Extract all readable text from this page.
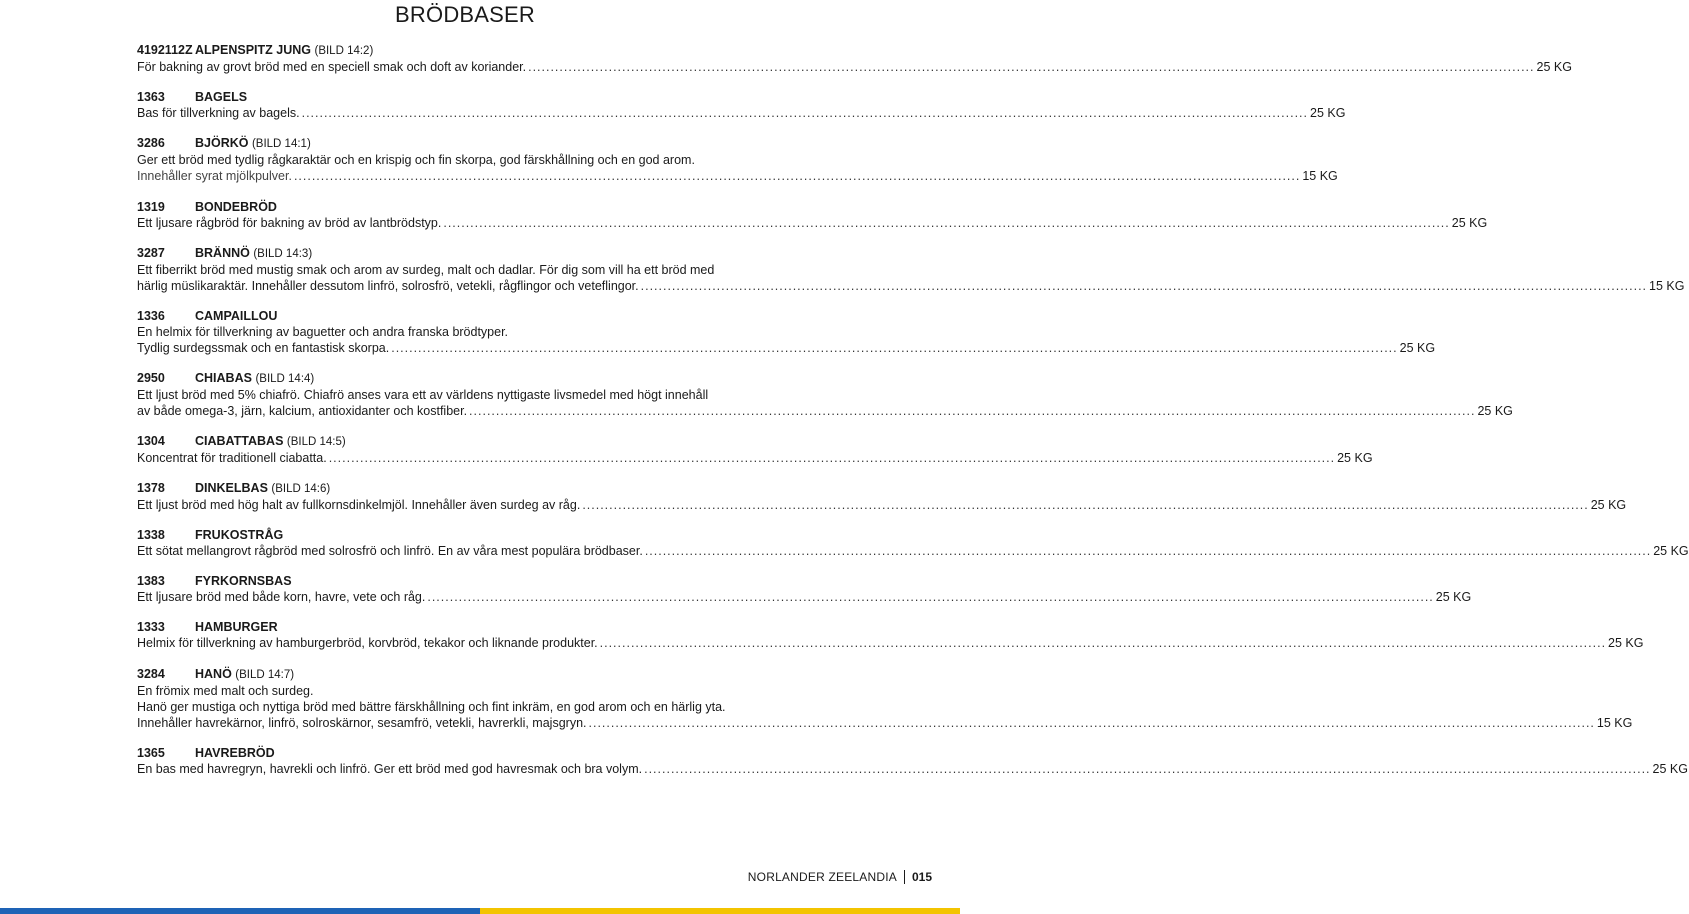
BRÖDBASER
4192112Z ALPENSPITZ JUNG (BILD 14:2)
För bakning av grovt bröd med en speciell smak och doft av koriander. ................................................................................................................................................................................................................................. 25 KG
1363	BAGELS
Bas för tillverkning av bagels. ................................................................................................................................................................................................................................. 25 KG
3286	BJÖRKÖ (BILD 14:1)
Ger ett bröd med tydlig rågkaraktär och en krispig och fin skorpa, god färskhållning och en god arom.
Innehåller syrat mjölkpulver. ................................................................................................................................................................................................................................. 15 KG
1319	BONDEBRÖD
Ett ljusare rågbröd för bakning av bröd av lantbrödstyp. ................................................................................................................................................................................................................................. 25 KG
3287	BRÄNNÖ (BILD 14:3)
Ett fiberrikt bröd med mustig smak och arom av surdeg, malt och dadlar. För dig som vill ha ett bröd med
härlig müslikaraktär. Innehåller dessutom linfrö, solrosfrö, vetekli, rågflingor och veteflingor. ................................................................................................................................................................................................................................. 15 KG
1336	CAMPAILLOU
En helmix för tillverkning av baguetter och andra franska brödtyper.
Tydlig surdegssmak och en fantastisk skorpa. ................................................................................................................................................................................................................................. 25 KG
2950	CHIABAS (BILD 14:4)
Ett ljust bröd med 5% chiafrö. Chiafrö anses vara ett av världens nyttigaste livsmedel med högt innehåll
av både omega-3, järn, kalcium, antioxidanter och kostfiber. ................................................................................................................................................................................................................................. 25 KG
1304	CIABATTABAS (BILD 14:5)
Koncentrat för traditionell ciabatta. ................................................................................................................................................................................................................................. 25 KG
1378	DINKELBAS (BILD 14:6)
Ett ljust bröd med hög halt av fullkornsdinkelmjöl. Innehåller även surdeg av råg. ................................................................................................................................................................................................................................. 25 KG
1338	FRUKOSTRÅG
Ett sötat mellangrovt rågbröd med solrosfrö och linfrö. En av våra mest populära brödbaser. ................................................................................................................................................................................................................................. 25 KG
1383	FYRKORNSBAS
Ett ljusare bröd med både korn, havre, vete och råg. ................................................................................................................................................................................................................................. 25 KG
1333	HAMBURGER
Helmix för tillverkning av hamburgerbröd, korvbröd, tekakor och liknande produkter. ................................................................................................................................................................................................................................. 25 KG
3284	HANÖ (BILD 14:7)
En frömix med malt och surdeg.
Hanö ger mustiga och nyttiga bröd med bättre färskhållning och fint inkräm, en god arom och en härlig yta.
Innehåller havrekärnor, linfrö, solroskärnor, sesamfrö, vetekli, havrerkli, majsgryn. ................................................................................................................................................................................................................................. 15 KG
1365	HAVREBRÖD
En bas med havregryn, havrekli och linfrö. Ger ett bröd med god havresmak och bra volym. ................................................................................................................................................................................................................................. 25 KG
NORLANDER ZEELANDIA 015
